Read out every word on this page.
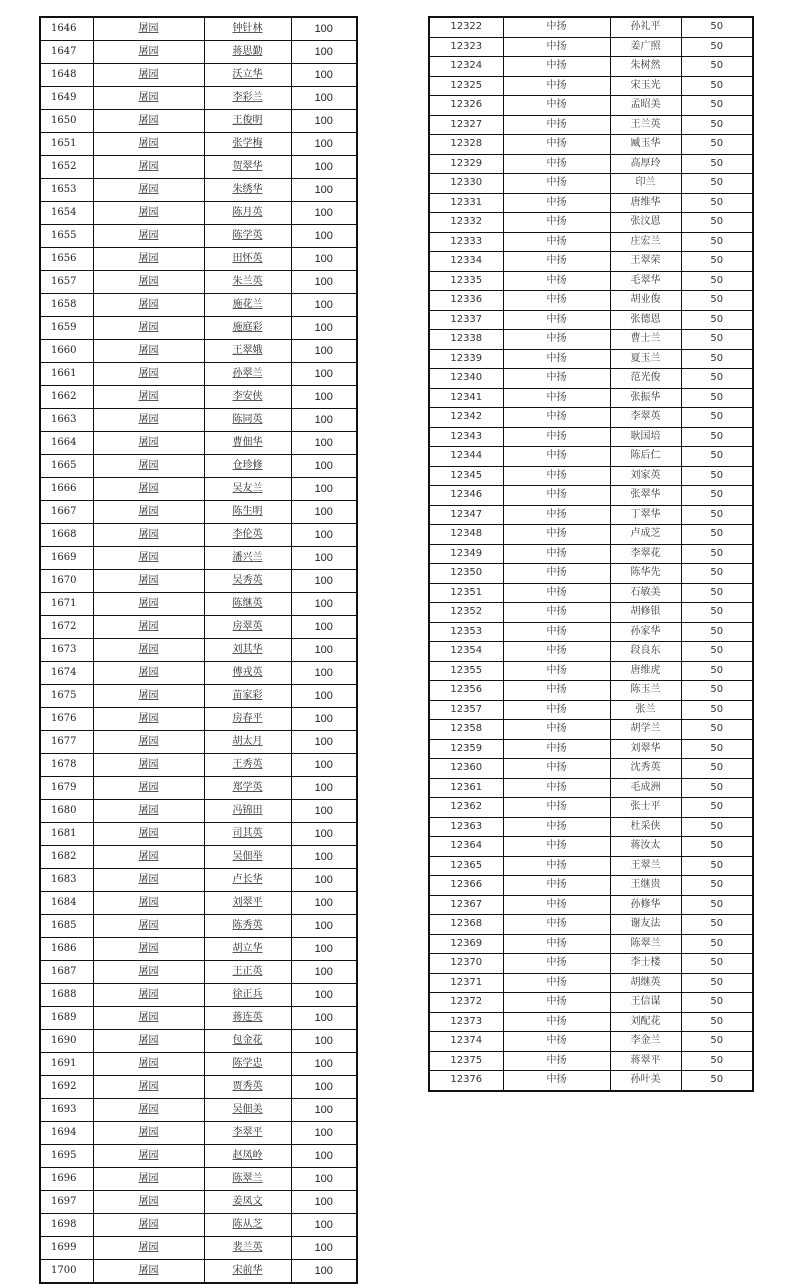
1646	屠园	钟针林	100
1647	屠园	蒋思勤	100
1648	屠园	沃立华	100
1649	屠园	李彩兰	100
1650	屠园	王俊明	100
1651	屠园	张学梅	100
1652	屠园	贺翠华	100
1653	屠园	朱绣华	100
1654	屠园	陈月英	100
1655	屠园	陈学英	100
1656	屠园	田怀英	100
1657	屠园	朱兰英	100
1658	屠园	施花兰	100
1659	屠园	施庭彩	100
1660	屠园	王翠娥	100
1661	屠园	孙翠兰	100
1662	屠园	李安侠	100
1663	屠园	陈同英	100
1664	屠园	曹佃华	100
1665	屠园	仓珍修	100
1666	屠园	吴友兰	100
1667	屠园	陈生明	100
1668	屠园	李伦英	100
1669	屠园	潘兴兰	100
1670	屠园	吴秀英	100
1671	屠园	陈继英	100
1672	屠园	房翠英	100
1673	屠园	刘其华	100
1674	屠园	傅戎英	100
1675	屠园	苗家彩	100
1676	屠园	房春平	100
1677	屠园	胡太月	100
1678	屠园	王秀英	100
1679	屠园	郑学英	100
1680	屠园	冯锦田	100
1681	屠园	司其英	100
1682	屠园	吴佃举	100
1683	屠园	卢长华	100
1684	屠园	刘翠平	100
1685	屠园	陈秀英	100
1686	屠园	胡立华	100
1687	屠园	王正英	100
1688	屠园	徐正兵	100
1689	屠园	蒋连英	100
1690	屠园	包金花	100
1691	屠园	陈学忠	100
1692	屠园	贾秀英	100
1693	屠园	吴佃美	100
1694	屠园	李翠平	100
1695	屠园	赵凤岭	100
1696	屠园	陈翠兰	100
1697	屠园	姜凤文	100
1698	屠园	陈从芝	100
1699	屠园	裴兰英	100
1700	屠园	宋前华	100
12322	中扬	孙礼平	50
12323	中扬	姜广照	50
12324	中扬	朱树然	50
12325	中扬	宋玉光	50
12326	中扬	孟昭美	50
12327	中扬	王兰英	50
12328	中扬	臧玉华	50
12329	中扬	高厚玲	50
12330	中扬	印兰	50
12331	中扬	唐维华	50
12332	中扬	张汶恩	50
12333	中扬	庄宏兰	50
12334	中扬	王翠荣	50
12335	中扬	毛翠华	50
12336	中扬	胡业俊	50
12337	中扬	张德恩	50
12338	中扬	曹士兰	50
12339	中扬	夏玉兰	50
12340	中扬	范光俊	50
12341	中扬	张振华	50
12342	中扬	李翠英	50
12343	中扬	耿国培	50
12344	中扬	陈后仁	50
12345	中扬	刘家英	50
12346	中扬	张翠华	50
12347	中扬	丁翠华	50
12348	中扬	卢成芝	50
12349	中扬	李翠花	50
12350	中扬	陈华先	50
12351	中扬	石敏美	50
12352	中扬	胡修银	50
12353	中扬	孙家华	50
12354	中扬	段良东	50
12355	中扬	唐维虎	50
12356	中扬	陈玉兰	50
12357	中扬	张兰	50
12358	中扬	胡学兰	50
12359	中扬	刘翠华	50
12360	中扬	沈秀英	50
12361	中扬	毛成洲	50
12362	中扬	张士平	50
12363	中扬	杜采侠	50
12364	中扬	蒋汝太	50
12365	中扬	王翠兰	50
12366	中扬	王继贵	50
12367	中扬	孙修华	50
12368	中扬	谢友法	50
12369	中扬	陈翠兰	50
12370	中扬	李士楼	50
12371	中扬	胡继英	50
12372	中扬	王信谋	50
12373	中扬	刘配花	50
12374	中扬	李金兰	50
12375	中扬	蒋翠平	50
12376	中扬	孙叶美	50
